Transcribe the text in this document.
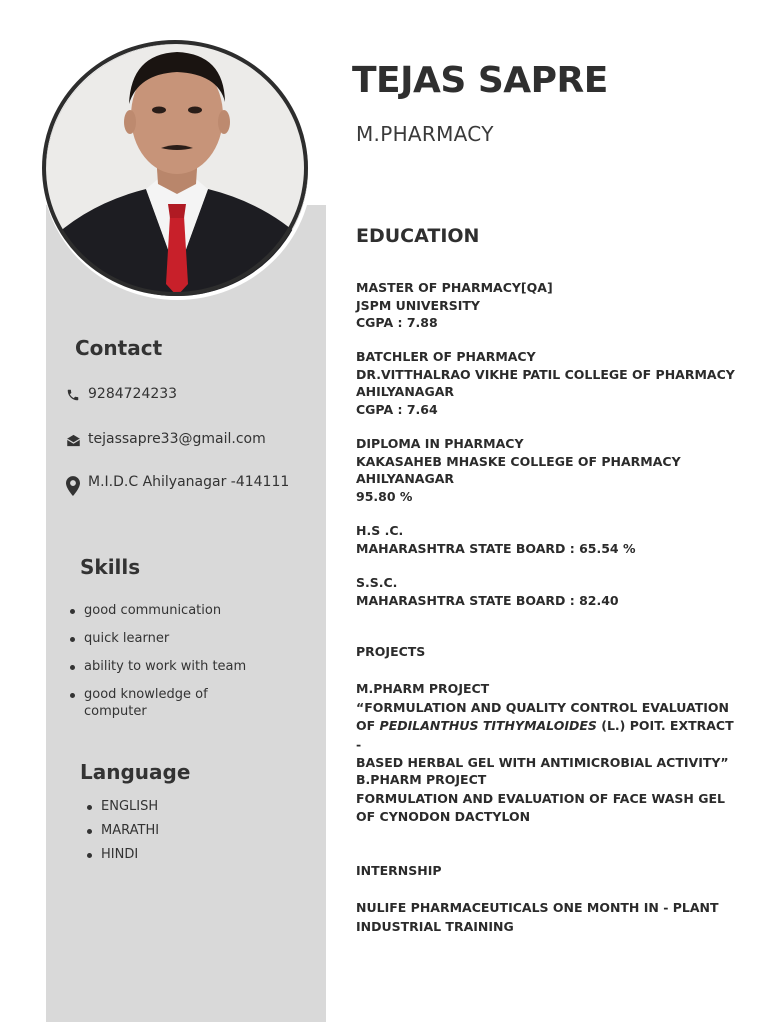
TEJAS SAPRE
M.PHARMACY
Contact
9284724233
tejassapre33@gmail.com
M.I.D.C Ahilyanagar -414111
Skills
good communication
quick learner
ability to work with team
good knowledge of computer
Language
ENGLISH
MARATHI
HINDI
EDUCATION
MASTER OF PHARMACY[QA]
JSPM UNIVERSITY
CGPA : 7.88
BATCHLER OF PHARMACY
DR.VITTHALRAO VIKHE PATIL COLLEGE OF PHARMACY
AHILYANAGAR
CGPA : 7.64
DIPLOMA IN PHARMACY
KAKASAHEB MHASKE COLLEGE OF PHARMACY
AHILYANAGAR
95.80 %
H.S .C.
MAHARASHTRA STATE BOARD : 65.54 %
S.S.C.
MAHARASHTRA STATE BOARD : 82.40
PROJECTS
M.PHARM PROJECT
“FORMULATION AND QUALITY CONTROL EVALUATION
OF PEDILANTHUS TITHYMALOIDES (L.) POIT. EXTRACT -
BASED HERBAL GEL WITH ANTIMICROBIAL ACTIVITY”
B.PHARM PROJECT
FORMULATION AND EVALUATION OF FACE WASH GEL
OF CYNODON DACTYLON
INTERNSHIP
NULIFE PHARMACEUTICALS ONE MONTH IN - PLANT
INDUSTRIAL TRAINING
